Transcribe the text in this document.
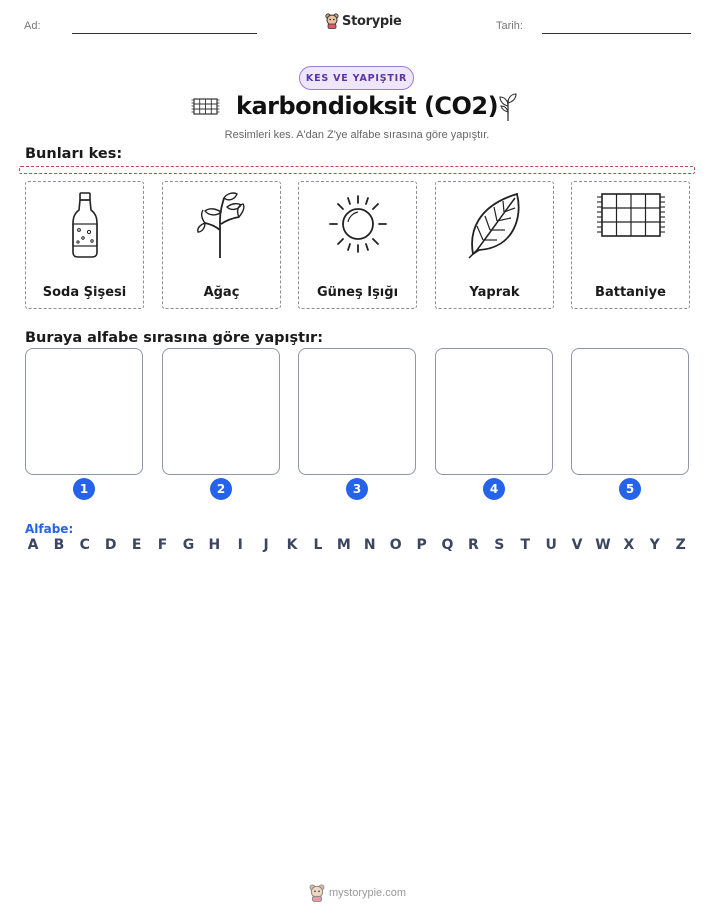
Ad:	Storypie	Tarih:
KES VE YAPIŞTIR
karbondioksit (CO2)
Resimleri kes. A'dan Z'ye alfabe sırasına göre yapıştır.
Bunları kes:
Soda Şişesi	Ağaç	Güneş Işığı	Yaprak	Battaniye
Buraya alfabe sırasına göre yapıştır:
1	2	3	4	5
Alfabe:
A B C D E F G H	I	J	K L M N O P Q R S T U V W X Y Z
mystorypie.com
